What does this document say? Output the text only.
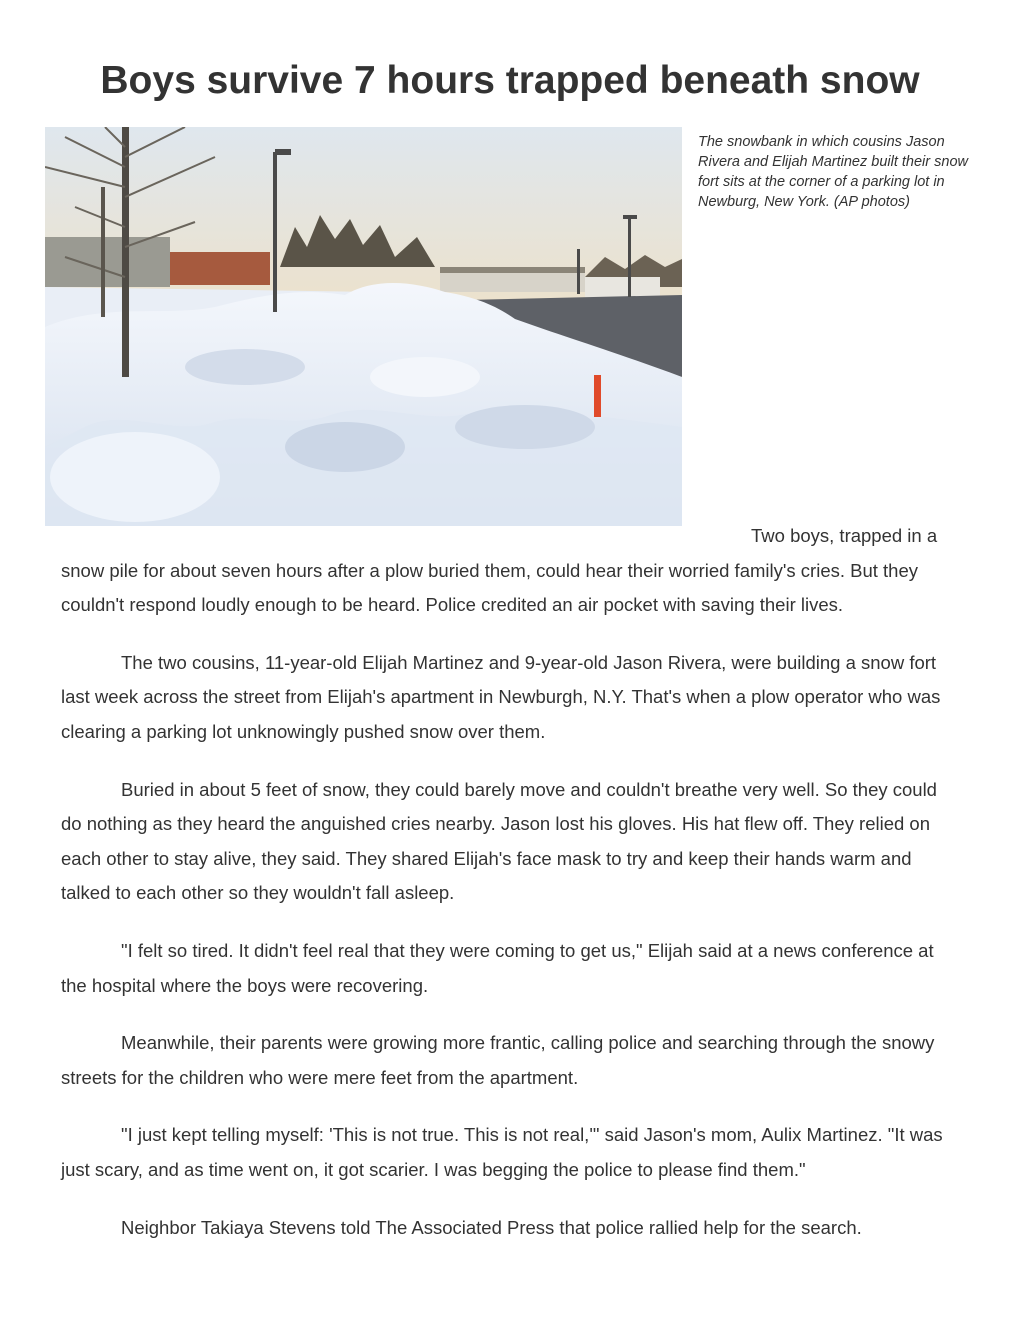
Boys survive 7 hours trapped beneath snow

The snowbank in which cousins Jason Rivera and Elijah Martinez built their snow fort sits at the corner of a parking lot in Newburg, New York. (AP photos)

Two boys, trapped in a snow pile for about seven hours after a plow buried them, could hear their worried family's cries. But they couldn't respond loudly enough to be heard. Police credited an air pocket with saving their lives.

The two cousins, 11-year-old Elijah Martinez and 9-year-old Jason Rivera, were building a snow fort last week across the street from Elijah's apartment in Newburgh, N.Y. That's when a plow operator who was clearing a parking lot unknowingly pushed snow over them.

Buried in about 5 feet of snow, they could barely move and couldn't breathe very well. So they could do nothing as they heard the anguished cries nearby. Jason lost his gloves. His hat flew off. They relied on each other to stay alive, they said. They shared Elijah's face mask to try and keep their hands warm and talked to each other so they wouldn't fall asleep.

"I felt so tired. It didn't feel real that they were coming to get us," Elijah said at a news conference at the hospital where the boys were recovering.

Meanwhile, their parents were growing more frantic, calling police and searching through the snowy streets for the children who were mere feet from the apartment.

"I just kept telling myself: 'This is not true. This is not real,'" said Jason's mom, Aulix Martinez. "It was just scary, and as time went on, it got scarier. I was begging the police to please find them."

Neighbor Takiaya Stevens told The Associated Press that police rallied help for the search.
